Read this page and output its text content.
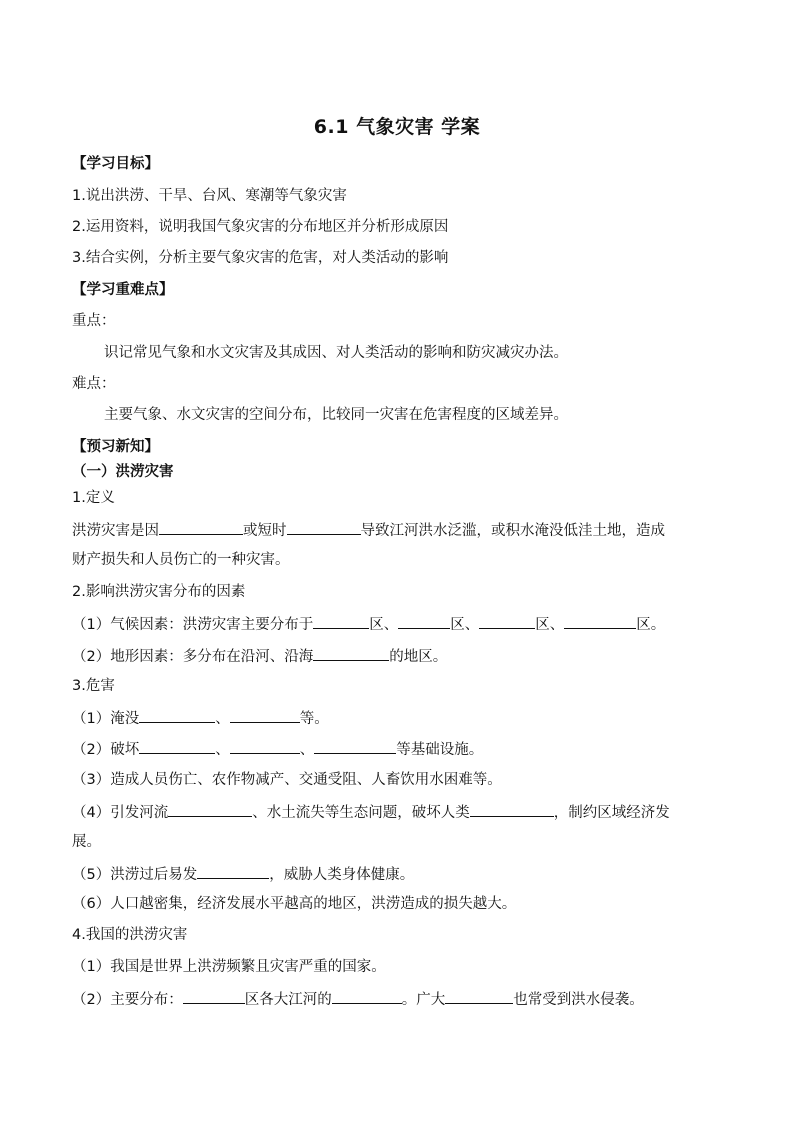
6.1 气象灾害 学案
【学习目标】
1.说出洪涝、干旱、台风、寒潮等气象灾害
2.运用资料，说明我国气象灾害的分布地区并分析形成原因
3.结合实例，分析主要气象灾害的危害，对人类活动的影响
【学习重难点】
重点：
识记常见气象和水文灾害及其成因、对人类活动的影响和防灾减灾办法。
难点：
主要气象、水文灾害的空间分布，比较同一灾害在危害程度的区域差异。
【预习新知】
（一）洪涝灾害
1.定义
洪涝灾害是因	或短时	导致江河洪水泛滥，或积水淹没低洼土地，造成
财产损失和人员伤亡的一种灾害。
2.影响洪涝灾害分布的因素
（1）气候因素：洪涝灾害主要分布于	区、	区、	区、	区。
（2）地形因素：多分布在沿河、沿海	的地区。
3.危害
（1）淹没	、	等。
（2）破坏	、	、	等基础设施。
（3）造成人员伤亡、农作物减产、交通受阻、人畜饮用水困难等。
（4）引发河流	、水土流失等生态问题，破坏人类	，制约区域经济发
展。
（5）洪涝过后易发	，威胁人类身体健康。
（6）人口越密集，经济发展水平越高的地区，洪涝造成的损失越大。
4.我国的洪涝灾害
（1）我国是世界上洪涝频繁且灾害严重的国家。
（2）主要分布：	区各大江河的	。广大	也常受到洪水侵袭。
